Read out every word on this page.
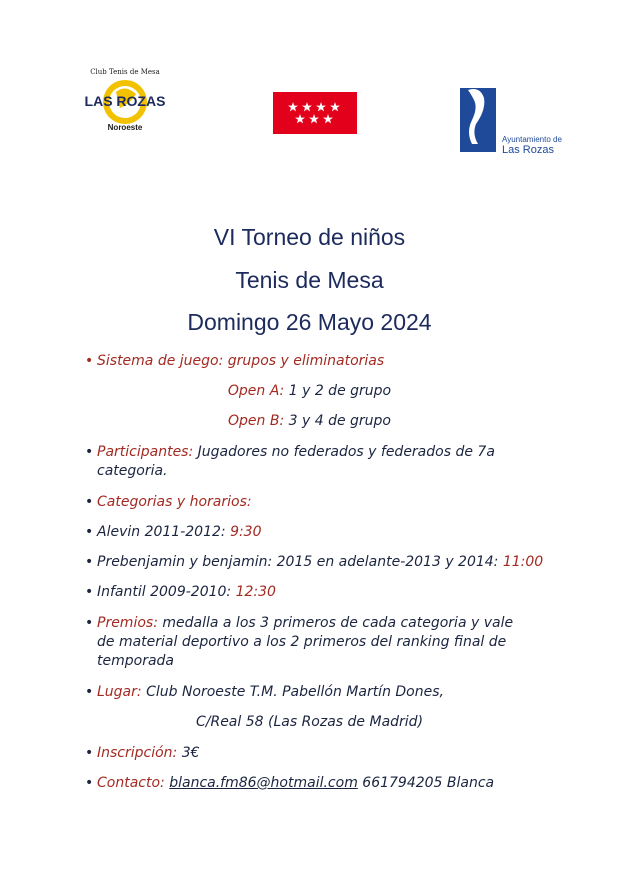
Club Tenis de Mesa
LAS ROZAS
Noroeste
Ayuntamiento de
Las Rozas
VI Torneo de niños
Tenis de Mesa
Domingo 26 Mayo 2024
• Sistema de juego: grupos y eliminatorias
Open A: 1 y 2 de grupo
Open B: 3 y 4 de grupo
• Participantes: Jugadores no federados y federados de 7a categoria.
• Categorias y horarios:
• Alevin 2011-2012: 9:30
• Prebenjamin y benjamin: 2015 en adelante-2013 y 2014: 11:00
• Infantil 2009-2010: 12:30
• Premios: medalla a los 3 primeros de cada categoria y vale de material deportivo a los 2 primeros del ranking final de temporada
• Lugar: Club Noroeste T.M. Pabellón Martín Dones,
C/Real 58 (Las Rozas de Madrid)
• Inscripción: 3€
• Contacto: blanca.fm86@hotmail.com 661794205 Blanca
